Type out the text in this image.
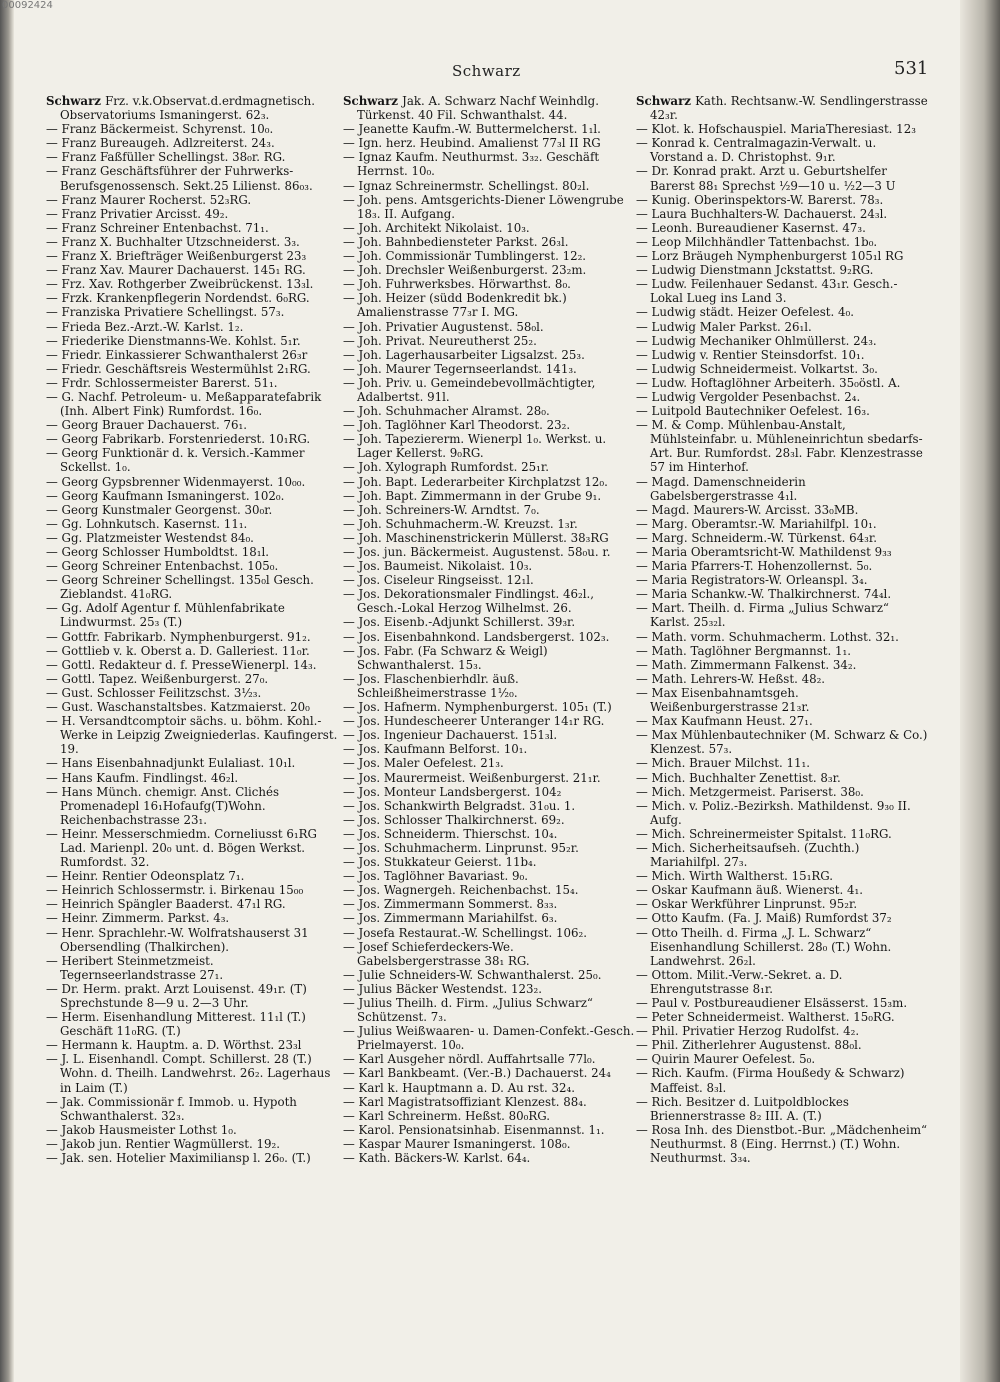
00092424
Schwarz	531
Schwarz Frz. v.k.Observat.d.erdmagnetisch. Observatoriums Ismaningerst. 62₃.
— Franz Bäckermeist. Schyrenst. 10₀.
— Franz Bureaugeh. Adlzreiterst. 24₃.
— Franz Faßfüller Schellingst. 38₀r. RG.
— Franz Geschäftsführer der Fuhrwerks-Berufsgenossensch. Sekt.25 Lilienst. 86₀₃.
— Franz Maurer Rocherst. 52₃RG.
— Franz Privatier Arcisst. 49₂.
— Franz Schreiner Entenbachst. 71₁.
— Franz X. Buchhalter Utzschneiderst. 3₃.
— Franz X. Briefträger Weißenburgerst 23₃
— Franz Xav. Maurer Dachauerst. 145₁ RG.
— Frz. Xav. Rothgerber Zweibrückenst. 13₃l.
— Frzk. Krankenpflegerin Nordendst. 6₀RG.
— Franziska Privatiere Schellingst. 57₃.
— Frieda Bez.-Arzt.-W. Karlst. 1₂.
— Friederike Dienstmanns-We. Kohlst. 5₁r.
— Friedr. Einkassierer Schwanthalerst 26₃r
— Friedr. Geschäftsreis Westermühlst 2₁RG.
— Frdr. Schlossermeister Barerst. 51₁.
— G. Nachf. Petroleum- u. Meßapparatefabrik (Inh. Albert Fink) Rumfordst. 16₀.
— Georg Brauer Dachauerst. 76₁.
— Georg Fabrikarb. Forstenriederst. 10₁RG.
— Georg Funktionär d. k. Versich.-Kammer Sckellst. 1₀.
— Georg Gypsbrenner Widenmayerst. 10₀₀.
— Georg Kaufmann Ismaningerst. 102₀.
— Georg Kunstmaler Georgenst. 30₀r.
— Gg. Lohnkutsch. Kasernst. 11₁.
— Gg. Platzmeister Westendst 84₀.
— Georg Schlosser Humboldtst. 18₁l.
— Georg Schreiner Entenbachst. 105₀.
— Georg Schreiner Schellingst. 135₀l Gesch. Zieblandst. 41₀RG.
— Gg. Adolf Agentur f. Mühlenfabrikate Lindwurmst. 25₃ (T.)
— Gottfr. Fabrikarb. Nymphenburgerst. 91₂.
— Gottlieb v. k. Oberst a. D. Galleriest. 11₀r.
— Gottl. Redakteur d. f. PresseWienerpl. 14₃.
— Gottl. Tapez. Weißenburgerst. 27₀.
— Gust. Schlosser Feilitzschst. 3½₃.
— Gust. Waschanstaltsbes. Katzmaierst. 20₀
— H. Versandtcomptoir sächs. u. böhm. Kohl.-Werke in Leipzig Zweigniederlas. Kaufingerst. 19.
— Hans Eisenbahnadjunkt Eulaliast. 10₁l.
— Hans Kaufm. Findlingst. 46₂l.
— Hans Münch. chemigr. Anst. Clichés Promenadepl 16₁Hofaufg(T)Wohn. Reichenbachstrasse 23₁.
— Heinr. Messerschmiedm. Corneliusst 6₁RG Lad. Marienpl. 20₀ unt. d. Bögen Werkst. Rumfordst. 32.
— Heinr. Rentier Odeonsplatz 7₁.
— Heinrich Schlossermstr. i. Birkenau 15₀₀
— Heinrich Spängler Baaderst. 47₁l RG.
— Heinr. Zimmerm. Parkst. 4₃.
— Henr. Sprachlehr.-W. Wolfratshauserst 31 Obersendling (Thalkirchen).
— Heribert Steinmetzmeist. Tegernseerlandstrasse 27₁.
— Dr. Herm. prakt. Arzt Louisenst. 49₁r. (T) Sprechstunde 8—9 u. 2—3 Uhr.
— Herm. Eisenhandlung Mitterest. 11₁l (T.) Geschäft 11₀RG. (T.)
— Hermann k. Hauptm. a. D. Wörthst. 23₃l
— J. L. Eisenhandl. Compt. Schillerst. 28 (T.) Wohn. d. Theilh. Landwehrst. 26₂. Lagerhaus in Laim (T.)
— Jak. Commissionär f. Immob. u. Hypoth Schwanthalerst. 32₃.
— Jakob Hausmeister Lothst 1₀.
— Jakob jun. Rentier Wagmüllerst. 19₂.
— Jak. sen. Hotelier Maximiliansp l. 26₀. (T.)
Schwarz Jak. A. Schwarz Nachf Weinhdlg. Türkenst. 40 Fil. Schwanthalst. 44.
— Jeanette Kaufm.-W. Buttermelcherst. 1₁l.
— Ign. herz. Heubind. Amalienst 77₃l II RG
— Ignaz Kaufm. Neuthurmst. 3₃₂. Geschäft Herrnst. 10₀.
— Ignaz Schreinermstr. Schellingst. 80₂l.
— Joh. pens. Amtsgerichts-Diener Löwengrube 18₃. II. Aufgang.
— Joh. Architekt Nikolaist. 10₃.
— Joh. Bahnbediensteter Parkst. 26₃l.
— Joh. Commissionär Tumblingerst. 12₂.
— Joh. Drechsler Weißenburgerst. 23₂m.
— Joh. Fuhrwerksbes. Hörwarthst. 8₀.
— Joh. Heizer (südd Bodenkredit bk.) Amalienstrasse 77₃r I. MG.
— Joh. Privatier Augustenst. 58₀l.
— Joh. Privat. Neureutherst 25₂.
— Joh. Lagerhausarbeiter Ligsalzst. 25₃.
— Joh. Maurer Tegernseerlandst. 141₃.
— Joh. Priv. u. Gemeindebevollmächtigter, Adalbertst. 91l.
— Joh. Schuhmacher Alramst. 28₀.
— Joh. Taglöhner Karl Theodorst. 23₂.
— Joh. Tapeziererm. Wienerpl 1₀. Werkst. u. Lager Kellerst. 9₀RG.
— Joh. Xylograph Rumfordst. 25₁r.
— Joh. Bapt. Lederarbeiter Kirchplatzst 12₀.
— Joh. Bapt. Zimmermann in der Grube 9₁.
— Joh. Schreiners-W. Arndtst. 7₀.
— Joh. Schuhmacherm.-W. Kreuzst. 1₃r.
— Joh. Maschinenstrickerin Müllerst. 38₃RG
— Jos. jun. Bäckermeist. Augustenst. 58₀u. r.
— Jos. Baumeist. Nikolaist. 10₃.
— Jos. Ciseleur Ringseisst. 12₁l.
— Jos. Dekorationsmaler Findlingst. 46₂l., Gesch.-Lokal Herzog Wilhelmst. 26.
— Jos. Eisenb.-Adjunkt Schillerst. 39₃r.
— Jos. Eisenbahnkond. Landsbergerst. 102₃.
— Jos. Fabr. (Fa Schwarz & Weigl) Schwanthalerst. 15₃.
— Jos. Flaschenbierhdlr. äuß. Schleißheimerstrasse 1½₀.
— Jos. Hafnerm. Nymphenburgerst. 105₁ (T.)
— Jos. Hundescheerer Unteranger 14₁r RG.
— Jos. Ingenieur Dachauerst. 151₃l.
— Jos. Kaufmann Belforst. 10₁.
— Jos. Maler Oefelest. 21₃.
— Jos. Maurermeist. Weißenburgerst. 21₁r.
— Jos. Monteur Landsbergerst. 104₂
— Jos. Schankwirth Belgradst. 31₀u. 1.
— Jos. Schlosser Thalkirchnerst. 69₂.
— Jos. Schneiderm. Thierschst. 10₄.
— Jos. Schuhmacherm. Linprunst. 95₂r.
— Jos. Stukkateur Geierst. 11b₄.
— Jos. Taglöhner Bavariast. 9₀.
— Jos. Wagnergeh. Reichenbachst. 15₄.
— Jos. Zimmermann Sommerst. 8₃₃.
— Jos. Zimmermann Mariahilfst. 6₃.
— Josefa Restaurat.-W. Schellingst. 106₂.
— Josef Schieferdeckers-We. Gabelsbergerstrasse 38₁ RG.
— Julie Schneiders-W. Schwanthalerst. 25₀.
— Julius Bäcker Westendst. 123₂.
— Julius Theilh. d. Firm. „Julius Schwarz“ Schützenst. 7₃.
— Julius Weißwaaren- u. Damen-Confekt.-Gesch. Prielmayerst. 10₀.
— Karl Ausgeher nördl. Auffahrtsalle 77l₀.
— Karl Bankbeamt. (Ver.-B.) Dachauerst. 24₄
— Karl k. Hauptmann a. D. Au rst. 32₄.
— Karl Magistratsoffiziant Klenzest. 88₄.
— Karl Schreinerm. Heßst. 80₀RG.
— Karol. Pensionatsinhab. Eisenmannst. 1₁.
— Kaspar Maurer Ismaningerst. 108₀.
— Kath. Bäckers-W. Karlst. 64₄.
Schwarz Kath. Rechtsanw.-W. Sendlingerstrasse 42₃r.
— Klot. k. Hofschauspiel. MariaTheresiast. 12₃
— Konrad k. Centralmagazin-Verwalt. u. Vorstand a. D. Christophst. 9₁r.
— Dr. Konrad prakt. Arzt u. Geburtshelfer Barerst 88₁ Sprechst ½9—10 u. ½2—3 U
— Kunig. Oberinspektors-W. Barerst. 78₃.
— Laura Buchhalters-W. Dachauerst. 24₃l.
— Leonh. Bureaudiener Kasernst. 47₃.
— Leop Milchhändler Tattenbachst. 1b₀.
— Lorz Bräugeh Nymphenburgerst 105₁l RG
— Ludwig Dienstmann Jckstattst. 9₂RG.
— Ludw. Feilenhauer Sedanst. 43₁r. Gesch.-Lokal Lueg ins Land 3.
— Ludwig städt. Heizer Oefelest. 4₀.
— Ludwig Maler Parkst. 26₁l.
— Ludwig Mechaniker Ohlmüllerst. 24₃.
— Ludwig v. Rentier Steinsdorfst. 10₁.
— Ludwig Schneidermeist. Volkartst. 3₀.
— Ludw. Hoftaglöhner Arbeiterh. 35₀östl. A.
— Ludwig Vergolder Pesenbachst. 2₄.
— Luitpold Bautechniker Oefelest. 16₃.
— M. & Comp. Mühlenbau-Anstalt, Mühlsteinfabr. u. Mühleneinrichtun sbedarfs-Art. Bur. Rumfordst. 28₃l. Fabr. Klenzestrasse 57 im Hinterhof.
— Magd. Damenschneiderin Gabelsbergerstrasse 4₁l.
— Magd. Maurers-W. Arcisst. 33₀MB.
— Marg. Oberamtsr.-W. Mariahilfpl. 10₁.
— Marg. Schneiderm.-W. Türkenst. 64₃r.
— Maria Oberamtsricht-W. Mathildenst 9₃₃
— Maria Pfarrers-T. Hohenzollernst. 5₀.
— Maria Registrators-W. Orleanspl. 3₄.
— Maria Schankw.-W. Thalkirchnerst. 74₄l.
— Mart. Theilh. d. Firma „Julius Schwarz“ Karlst. 25₃₂l.
— Math. vorm. Schuhmacherm. Lothst. 32₁.
— Math. Taglöhner Bergmannst. 1₁.
— Math. Zimmermann Falkenst. 34₂.
— Math. Lehrers-W. Heßst. 48₂.
— Max Eisenbahnamtsgeh. Weißenburgerstrasse 21₃r.
— Max Kaufmann Heust. 27₁.
— Max Mühlenbautechniker (M. Schwarz & Co.) Klenzest. 57₃.
— Mich. Brauer Milchst. 11₁.
— Mich. Buchhalter Zenettist. 8₃r.
— Mich. Metzgermeist. Pariserst. 38₀.
— Mich. v. Poliz.-Bezirksh. Mathildenst. 9₃₀ II. Aufg.
— Mich. Schreinermeister Spitalst. 11₀RG.
— Mich. Sicherheitsaufseh. (Zuchth.) Mariahilfpl. 27₃.
— Mich. Wirth Waltherst. 15₁RG.
— Oskar Kaufmann äuß. Wienerst. 4₁.
— Oskar Werkführer Linprunst. 95₂r.
— Otto Kaufm. (Fa. J. Maiß) Rumfordst 37₂
— Otto Theilh. d. Firma „J. L. Schwarz“ Eisenhandlung Schillerst. 28₀ (T.) Wohn. Landwehrst. 26₂l.
— Ottom. Milit.-Verw.-Sekret. a. D. Ehrengutstrasse 8₁r.
— Paul v. Postbureaudiener Elsässerst. 15₃m.
— Peter Schneidermeist. Waltherst. 15₀RG.
— Phil. Privatier Herzog Rudolfst. 4₂.
— Phil. Zitherlehrer Augustenst. 88₀l.
— Quirin Maurer Oefelest. 5₀.
— Rich. Kaufm. (Firma Houßedy & Schwarz) Maffeist. 8₃l.
— Rich. Besitzer d. Luitpoldblockes Briennerstrasse 8₂ III. A. (T.)
— Rosa Inh. des Dienstbot.-Bur. „Mädchenheim“ Neuthurmst. 8 (Eing. Herrnst.) (T.) Wohn. Neuthurmst. 3₃₄.
